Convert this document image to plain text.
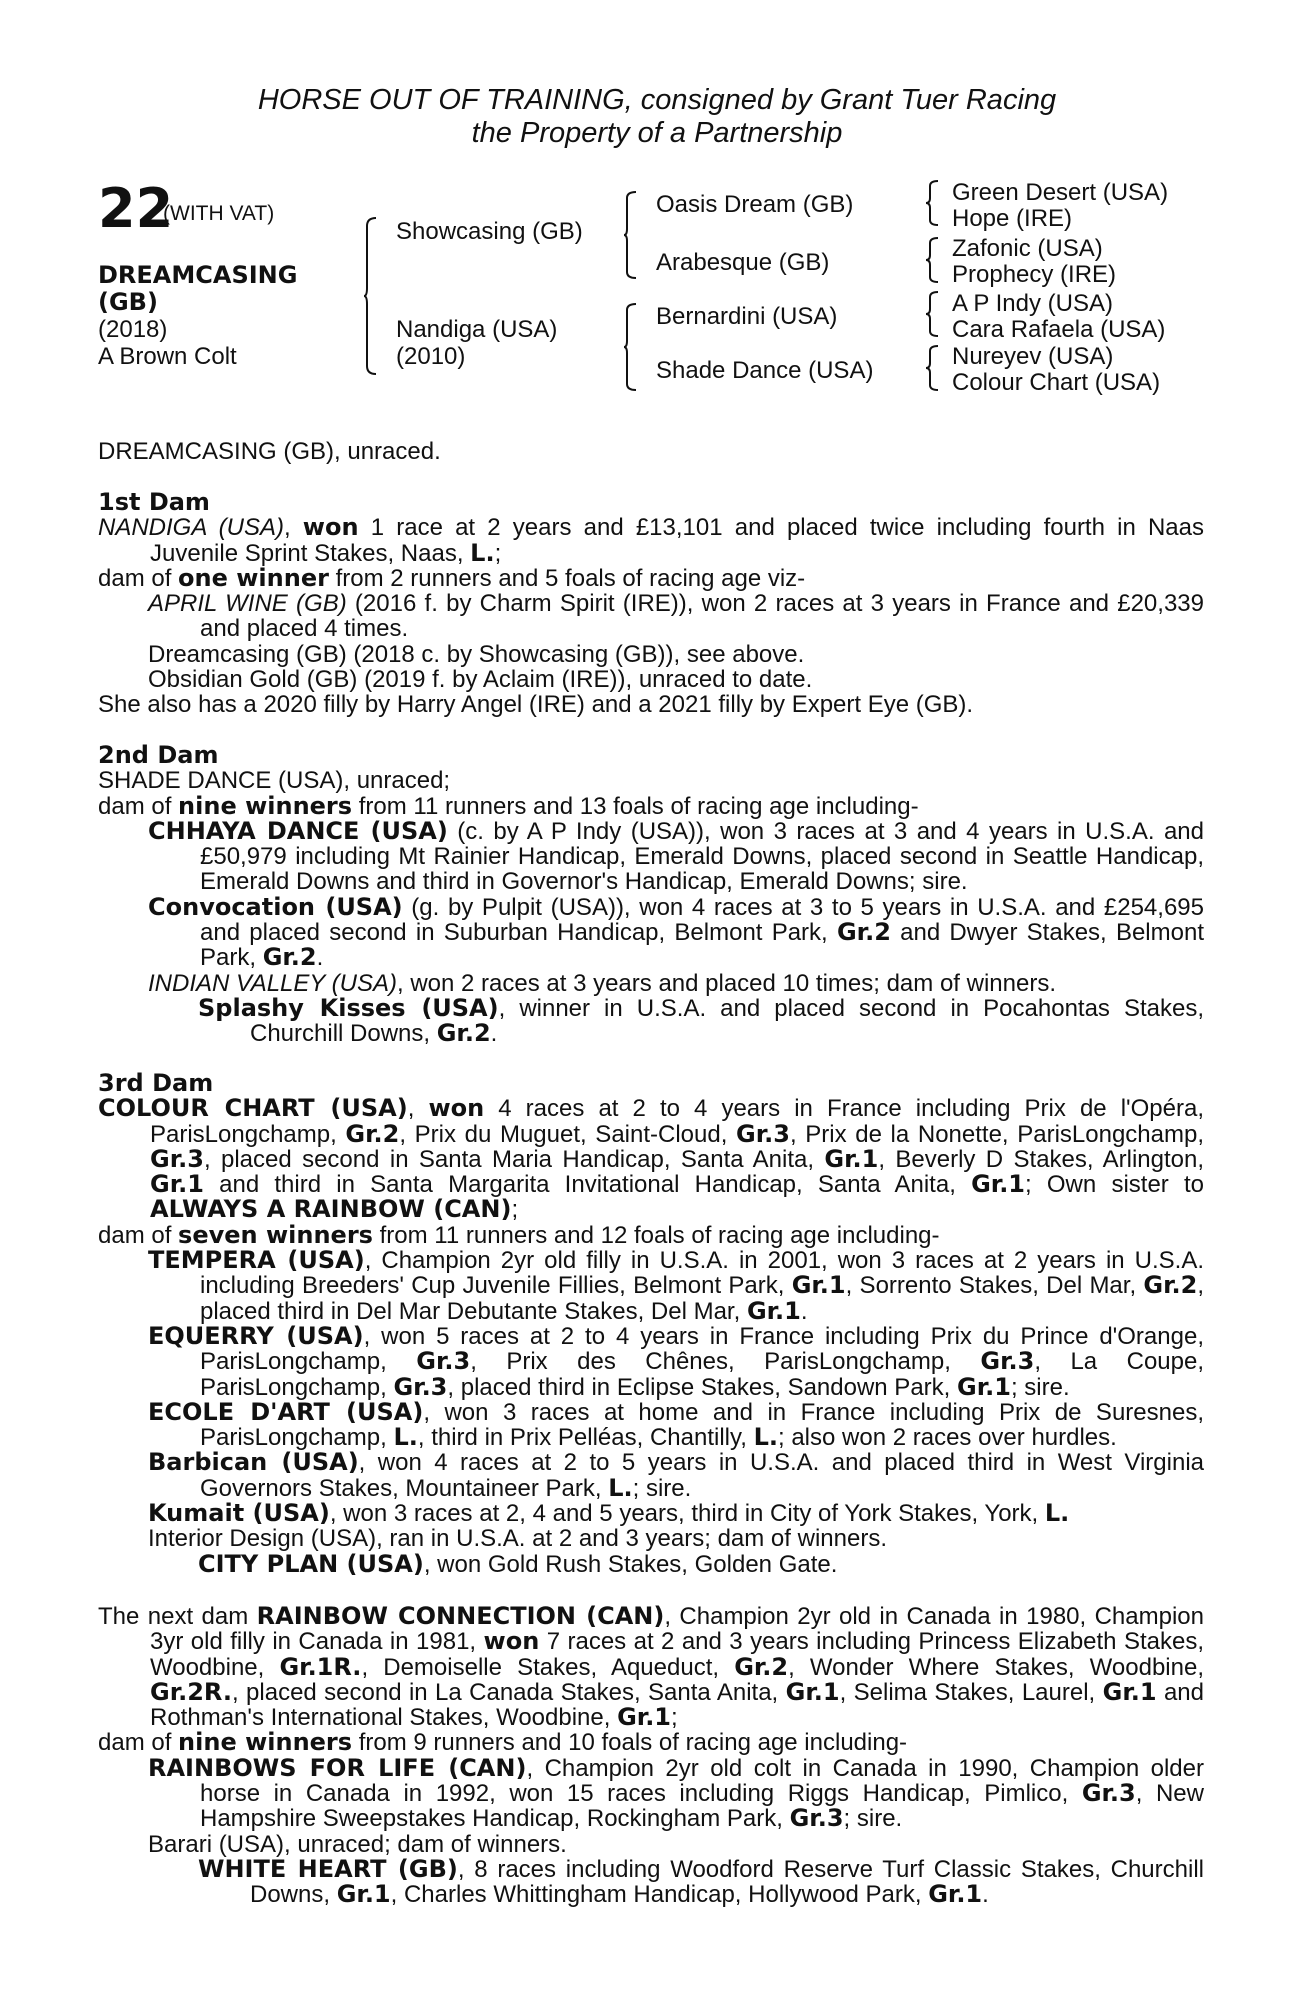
HORSE OUT OF TRAINING, consigned by Grant Tuer Racing
the Property of a Partnership
22
(WITH VAT)
DREAMCASING
(GB)
(2018)
A Brown Colt
Showcasing (GB)
Nandiga (USA)
(2010)
Oasis Dream (GB)
Arabesque (GB)
Bernardini (USA)
Shade Dance (USA)
Green Desert (USA)
Hope (IRE)
Zafonic (USA)
Prophecy (IRE)
A P Indy (USA)
Cara Rafaela (USA)
Nureyev (USA)
Colour Chart (USA)

DREAMCASING (GB), unraced.

1st Dam

NANDIGA (USA), won 1 race at 2 years and £13,101 and placed twice including fourth in Naas Juvenile Sprint Stakes, Naas, L.;

dam of one winner from 2 runners and 5 foals of racing age viz-

APRIL WINE (GB) (2016 f. by Charm Spirit (IRE)), won 2 races at 3 years in France and £20,339 and placed 4 times.

Dreamcasing (GB) (2018 c. by Showcasing (GB)), see above.

Obsidian Gold (GB) (2019 f. by Aclaim (IRE)), unraced to date.

She also has a 2020 filly by Harry Angel (IRE) and a 2021 filly by Expert Eye (GB).

2nd Dam

SHADE DANCE (USA), unraced;

dam of nine winners from 11 runners and 13 foals of racing age including-

CHHAYA DANCE (USA) (c. by A P Indy (USA)), won 3 races at 3 and 4 years in U.S.A. and £50,979 including Mt Rainier Handicap, Emerald Downs, placed second in Seattle Handicap, Emerald Downs and third in Governor's Handicap, Emerald Downs; sire.

Convocation (USA) (g. by Pulpit (USA)), won 4 races at 3 to 5 years in U.S.A. and £254,695 and placed second in Suburban Handicap, Belmont Park, Gr.2 and Dwyer Stakes, Belmont Park, Gr.2.

INDIAN VALLEY (USA), won 2 races at 3 years and placed 10 times; dam of winners.

Splashy Kisses (USA), winner in U.S.A. and placed second in Pocahontas Stakes, Churchill Downs, Gr.2.

3rd Dam

COLOUR CHART (USA), won 4 races at 2 to 4 years in France including Prix de l'Opéra, ParisLongchamp, Gr.2, Prix du Muguet, Saint-Cloud, Gr.3, Prix de la Nonette, ParisLongchamp, Gr.3, placed second in Santa Maria Handicap, Santa Anita, Gr.1, Beverly D Stakes, Arlington, Gr.1 and third in Santa Margarita Invitational Handicap, Santa Anita, Gr.1; Own sister to ALWAYS A RAINBOW (CAN);

dam of seven winners from 11 runners and 12 foals of racing age including-

TEMPERA (USA), Champion 2yr old filly in U.S.A. in 2001, won 3 races at 2 years in U.S.A. including Breeders' Cup Juvenile Fillies, Belmont Park, Gr.1, Sorrento Stakes, Del Mar, Gr.2, placed third in Del Mar Debutante Stakes, Del Mar, Gr.1.

EQUERRY (USA), won 5 races at 2 to 4 years in France including Prix du Prince d'Orange, ParisLongchamp, Gr.3, Prix des Chênes, ParisLongchamp, Gr.3, La Coupe, ParisLongchamp, Gr.3, placed third in Eclipse Stakes, Sandown Park, Gr.1; sire.

ECOLE D'ART (USA), won 3 races at home and in France including Prix de Suresnes, ParisLongchamp, L., third in Prix Pelléas, Chantilly, L.; also won 2 races over hurdles.

Barbican (USA), won 4 races at 2 to 5 years in U.S.A. and placed third in West Virginia Governors Stakes, Mountaineer Park, L.; sire.

Kumait (USA), won 3 races at 2, 4 and 5 years, third in City of York Stakes, York, L.

Interior Design (USA), ran in U.S.A. at 2 and 3 years; dam of winners.

CITY PLAN (USA), won Gold Rush Stakes, Golden Gate.

The next dam RAINBOW CONNECTION (CAN), Champion 2yr old in Canada in 1980, Champion 3yr old filly in Canada in 1981, won 7 races at 2 and 3 years including Princess Elizabeth Stakes, Woodbine, Gr.1R., Demoiselle Stakes, Aqueduct, Gr.2, Wonder Where Stakes, Woodbine, Gr.2R., placed second in La Canada Stakes, Santa Anita, Gr.1, Selima Stakes, Laurel, Gr.1 and Rothman's International Stakes, Woodbine, Gr.1;

dam of nine winners from 9 runners and 10 foals of racing age including-

RAINBOWS FOR LIFE (CAN), Champion 2yr old colt in Canada in 1990, Champion older horse in Canada in 1992, won 15 races including Riggs Handicap, Pimlico, Gr.3, New Hampshire Sweepstakes Handicap, Rockingham Park, Gr.3; sire.

Barari (USA), unraced; dam of winners.

WHITE HEART (GB), 8 races including Woodford Reserve Turf Classic Stakes, Churchill Downs, Gr.1, Charles Whittingham Handicap, Hollywood Park, Gr.1.
